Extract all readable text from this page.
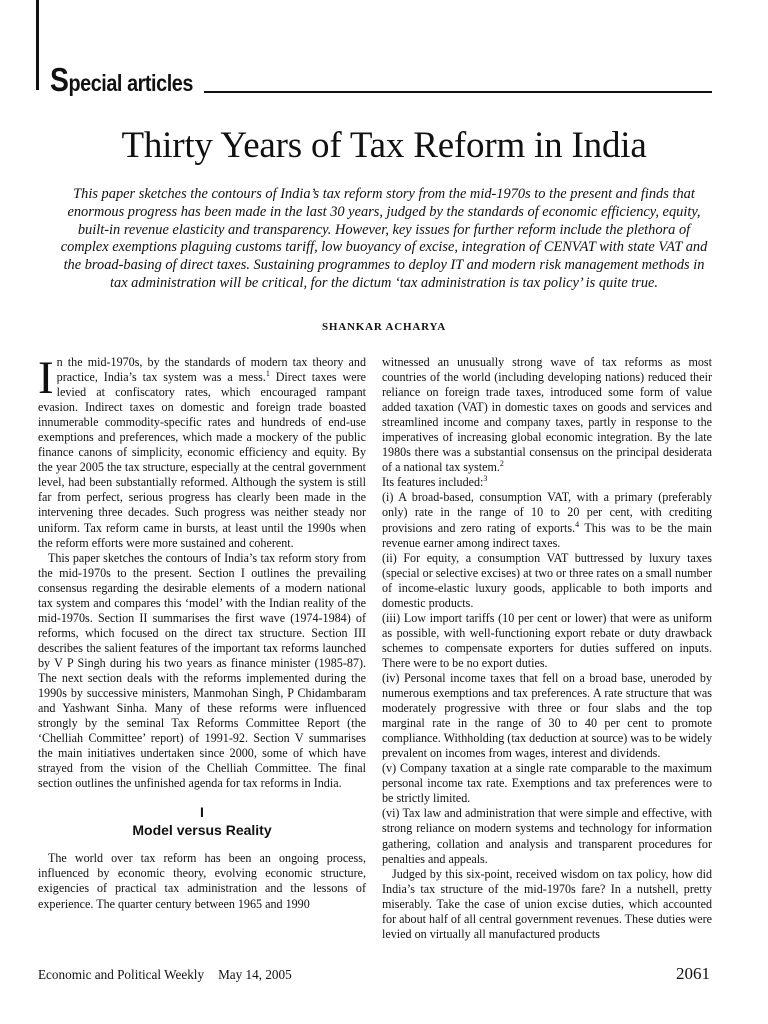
Special articles
Thirty Years of Tax Reform in India

This paper sketches the contours of India’s tax reform story from the mid-1970s to the present and finds that enormous progress has been made in the last 30 years, judged by the standards of economic efficiency, equity, built-in revenue elasticity and transparency. However, key issues for further reform include the plethora of complex exemptions plaguing customs tariff, low buoyancy of excise, integration of CENVAT with state VAT and the broad-basing of direct taxes. Sustaining programmes to deploy IT and modern risk management methods in tax administration will be critical, for the dictum ‘tax administration is tax policy’ is quite true.

SHANKAR ACHARYA

In the mid-1970s, by the standards of modern tax theory and practice, India’s tax system was a mess.$^1$ Direct taxes were levied at confiscatory rates, which encouraged rampant evasion. Indirect taxes on domestic and foreign trade boasted innumerable commodity-specific rates and hundreds of end-use exemptions and preferences, which made a mockery of the public finance canons of simplicity, economic efficiency and equity. By the year 2005 the tax structure, especially at the central government level, had been substantially reformed. Although the system is still far from perfect, serious progress has clearly been made in the intervening three decades. Such progress was neither steady nor uniform. Tax reform came in bursts, at least until the 1990s when the reform efforts were more sustained and coherent.

This paper sketches the contours of India’s tax reform story from the mid-1970s to the present. Section I outlines the prevailing consensus regarding the desirable elements of a modern national tax system and compares this ‘model’ with the Indian reality of the mid-1970s. Section II summarises the first wave (1974-1984) of reforms, which focused on the direct tax structure. Section III describes the salient features of the important tax reforms launched by V P Singh during his two years as finance minister (1985-87). The next section deals with the reforms implemented during the 1990s by successive ministers, Manmohan Singh, P Chidambaram and Yashwant Sinha. Many of these reforms were influenced strongly by the seminal Tax Reforms Committee Report (the ‘Chelliah Committee’ report) of 1991-92. Section V summarises the main initiatives undertaken since 2000, some of which have strayed from the vision of the Chelliah Committee. The final section outlines the unfinished agenda for tax reforms in India.

I
Model versus Reality

The world over tax reform has been an ongoing process, influenced by economic theory, evolving economic structure, exigencies of practical tax administration and the lessons of experience. The quarter century between 1965 and 1990

witnessed an unusually strong wave of tax reforms as most countries of the world (including developing nations) reduced their reliance on foreign trade taxes, introduced some form of value added taxation (VAT) in domestic taxes on goods and services and streamlined income and company taxes, partly in response to the imperatives of increasing global economic integration. By the late 1980s there was a substantial consensus on the principal desiderata of a national tax system.$^2$

Its features included:$^3$

(i) A broad-based, consumption VAT, with a primary (preferably only) rate in the range of 10 to 20 per cent, with crediting provisions and zero rating of exports.$^4$ This was to be the main revenue earner among indirect taxes.

(ii) For equity, a consumption VAT buttressed by luxury taxes (special or selective excises) at two or three rates on a small number of income-elastic luxury goods, applicable to both imports and domestic products.

(iii) Low import tariffs (10 per cent or lower) that were as uniform as possible, with well-functioning export rebate or duty drawback schemes to compensate exporters for duties suffered on inputs. There were to be no export duties.

(iv) Personal income taxes that fell on a broad base, uneroded by numerous exemptions and tax preferences. A rate structure that was moderately progressive with three or four slabs and the top marginal rate in the range of 30 to 40 per cent to promote compliance. Withholding (tax deduction at source) was to be widely prevalent on incomes from wages, interest and dividends.

(v) Company taxation at a single rate comparable to the maximum personal income tax rate. Exemptions and tax preferences were to be strictly limited.

(vi) Tax law and administration that were simple and effective, with strong reliance on modern systems and technology for information gathering, collation and analysis and transparent procedures for penalties and appeals.

Judged by this six-point, received wisdom on tax policy, how did India’s tax structure of the mid-1970s fare? In a nutshell, pretty miserably. Take the case of union excise duties, which accounted for about half of all central government revenues. These duties were levied on virtually all manufactured products

Economic and Political Weekly May 14, 2005	2061
